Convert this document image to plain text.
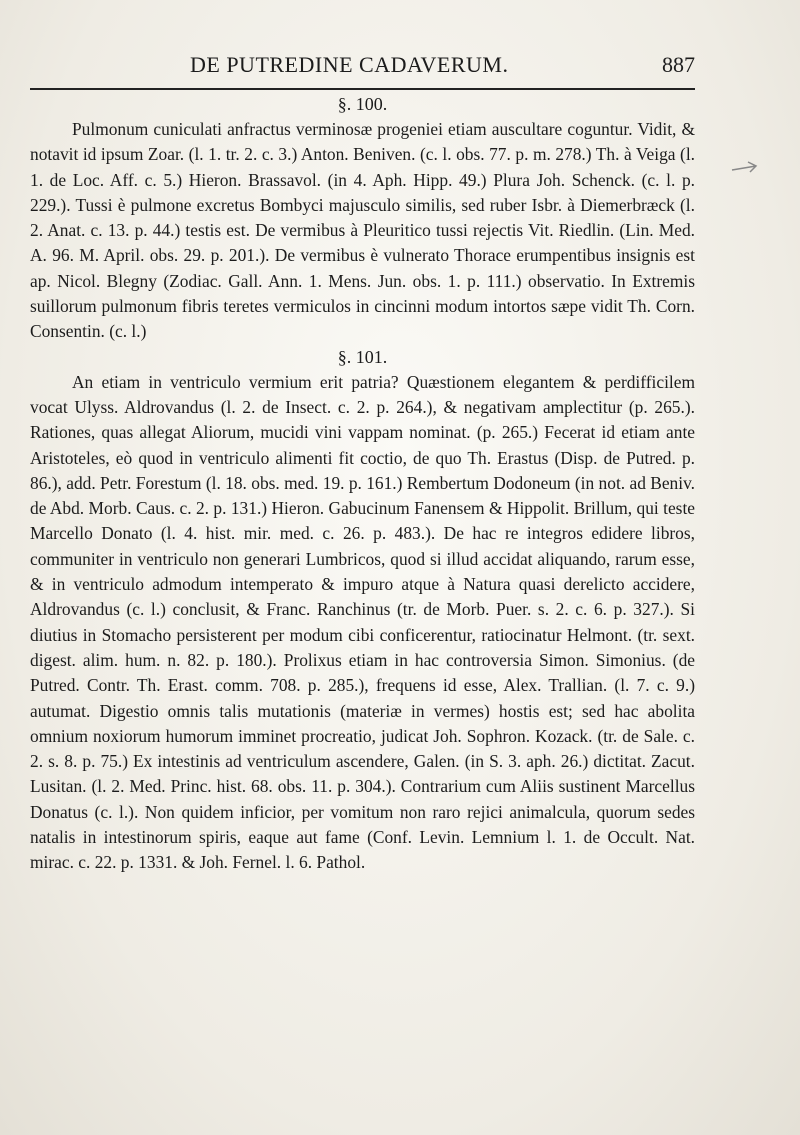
DE PUTREDINE CADAVERUM.	887

§. 100.

Pulmonum cuniculati anfractus verminosæ progeniei etiam auscultare coguntur. Vidit, & notavit id ipsum Zoar. (l. 1. tr. 2. c. 3.) Anton. Beniven. (c. l. obs. 77. p. m. 278.) Th. à Veiga (l. 1. de Loc. Aff. c. 5.) Hieron. Brassavol. (in 4. Aph. Hipp. 49.) Plura Joh. Schenck. (c. l. p. 229.). Tussi è pulmone excretus Bombyci majusculo similis, sed ruber Isbr. à Diemerbræck (l. 2. Anat. c. 13. p. 44.) testis est. De vermibus à Pleuritico tussi rejectis Vit. Riedlin. (Lin. Med. A. 96. M. April. obs. 29. p. 201.). De vermibus è vulnerato Thorace erumpentibus insignis est ap. Nicol. Blegny (Zodiac. Gall. Ann. 1. Mens. Jun. obs. 1. p. 111.) observatio. In Extremis suillorum pulmonum fibris teretes vermiculos in cincinni modum intortos sæpe vidit Th. Corn. Consentin. (c. l.)

§. 101.

An etiam in ventriculo vermium erit patria? Quæstionem elegantem & perdifficilem vocat Ulyss. Aldrovandus (l. 2. de Insect. c. 2. p. 264.), & negativam amplectitur (p. 265.). Rationes, quas allegat Aliorum, mucidi vini vappam nominat. (p. 265.) Fecerat id etiam ante Aristoteles, eò quod in ventriculo alimenti fit coctio, de quo Th. Erastus (Disp. de Putred. p. 86.), add. Petr. Forestum (l. 18. obs. med. 19. p. 161.) Rembertum Dodoneum (in not. ad Beniv. de Abd. Morb. Caus. c. 2. p. 131.) Hieron. Gabucinum Fanensem & Hippolit. Brillum, qui teste Marcello Donato (l. 4. hist. mir. med. c. 26. p. 483.). De hac re integros edidere libros, communiter in ventriculo non generari Lumbricos, quod si illud accidat aliquando, rarum esse, & in ventriculo admodum intemperato & impuro atque à Natura quasi derelicto accidere, Aldrovandus (c. l.) conclusit, & Franc. Ranchinus (tr. de Morb. Puer. s. 2. c. 6. p. 327.). Si diutius in Stomacho persisterent per modum cibi conficerentur, ratiocinatur Helmont. (tr. sext. digest. alim. hum. n. 82. p. 180.). Prolixus etiam in hac controversia Simon. Simonius. (de Putred. Contr. Th. Erast. comm. 708. p. 285.), frequens id esse, Alex. Trallian. (l. 7. c. 9.) autumat. Digestio omnis talis mutationis (materiæ in vermes) hostis est; sed hac abolita omnium noxiorum humorum imminet procreatio, judicat Joh. Sophron. Kozack. (tr. de Sale. c. 2. s. 8. p. 75.) Ex intestinis ad ventriculum ascendere, Galen. (in S. 3. aph. 26.) dictitat. Zacut. Lusitan. (l. 2. Med. Princ. hist. 68. obs. 11. p. 304.). Contrarium cum Aliis sustinent Marcellus Donatus (c. l.). Non quidem inficior, per vomitum non raro rejici animalcula, quorum sedes natalis in intestinorum spiris, eaque aut fame (Conf. Levin. Lemnium l. 1. de Occult. Nat. mirac. c. 22. p. 1331. & Joh. Fernel. l. 6. Pathol.
